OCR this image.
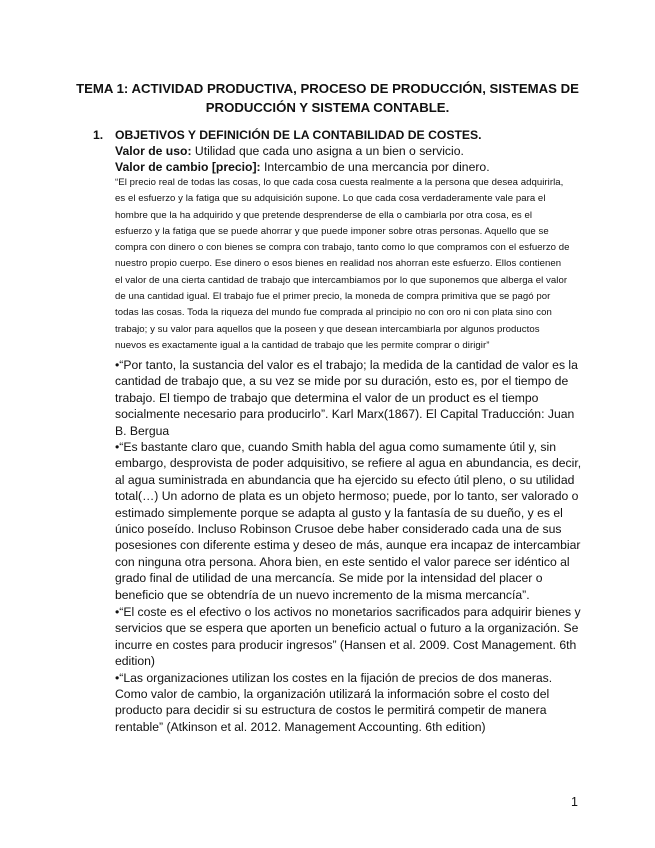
TEMA 1: ACTIVIDAD PRODUCTIVA, PROCESO DE PRODUCCIÓN, SISTEMAS DE
PRODUCCIÓN Y SISTEMA CONTABLE.
1. OBJETIVOS Y DEFINICIÓN DE LA CONTABILIDAD DE COSTES.
Valor de uso: Utilidad que cada uno asigna a un bien o servicio.
Valor de cambio [precio]: Intercambio de una mercancia por dinero.
“El precio real de todas las cosas, lo que cada cosa cuesta realmente a la persona que desea adquirirla, es el esfuerzo y la fatiga que su adquisición supone. Lo que cada cosa verdaderamente vale para el hombre que la ha adquirido y que pretende desprenderse de ella o cambiarla por otra cosa, es el esfuerzo y la fatiga que se puede ahorrar y que puede imponer sobre otras personas. Aquello que se compra con dinero o con bienes se compra con trabajo, tanto como lo que compramos con el esfuerzo de nuestro propio cuerpo. Ese dinero o esos bienes en realidad nos ahorran este esfuerzo. Ellos contienen el valor de una cierta cantidad de trabajo que intercambiamos por lo que suponemos que alberga el valor de una cantidad igual. El trabajo fue el primer precio, la moneda de compra primitiva que se pagó por todas las cosas. Toda la riqueza del mundo fue comprada al principio no con oro ni con plata sino con trabajo; y su valor para aquellos que la poseen y que desean intercambiarla por algunos productos nuevos es exactamente igual a la cantidad de trabajo que les permite comprar o dirigir”

•“Por tanto, la sustancia del valor es el trabajo; la medida de la cantidad de valor es la cantidad de trabajo que, a su vez se mide por su duración, esto es, por el tiempo de trabajo. El tiempo de trabajo que determina el valor de un product es el tiempo socialmente necesario para producirlo”. Karl Marx(1867). El Capital Traducción: Juan B. Bergua

•“Es bastante claro que, cuando Smith habla del agua como sumamente útil y, sin embargo, desprovista de poder adquisitivo, se refiere al agua en abundancia, es decir, al agua suministrada en abundancia que ha ejercido su efecto útil pleno, o su utilidad total(…) Un adorno de plata es un objeto hermoso; puede, por lo tanto, ser valorado o estimado simplemente porque se adapta al gusto y la fantasía de su dueño, y es el único poseído. Incluso Robinson Crusoe debe haber considerado cada una de sus posesiones con diferente estima y deseo de más, aunque era incapaz de intercambiar con ninguna otra persona. Ahora bien, en este sentido el valor parece ser idéntico al grado final de utilidad de una mercancía. Se mide por la intensidad del placer o beneficio que se obtendría de un nuevo incremento de la misma mercancía”.

•“El coste es el efectivo o los activos no monetarios sacrificados para adquirir bienes y servicios que se espera que aporten un beneficio actual o futuro a la organización. Se incurre en costes para producir ingresos” (Hansen et al. 2009. Cost Management. 6th edition)

•“Las organizaciones utilizan los costes en la fijación de precios de dos maneras. Como valor de cambio, la organización utilizará la información sobre el costo del producto para decidir si su estructura de costos le permitirá competir de manera rentable” (Atkinson et al. 2012. Management Accounting. 6th edition)

1
